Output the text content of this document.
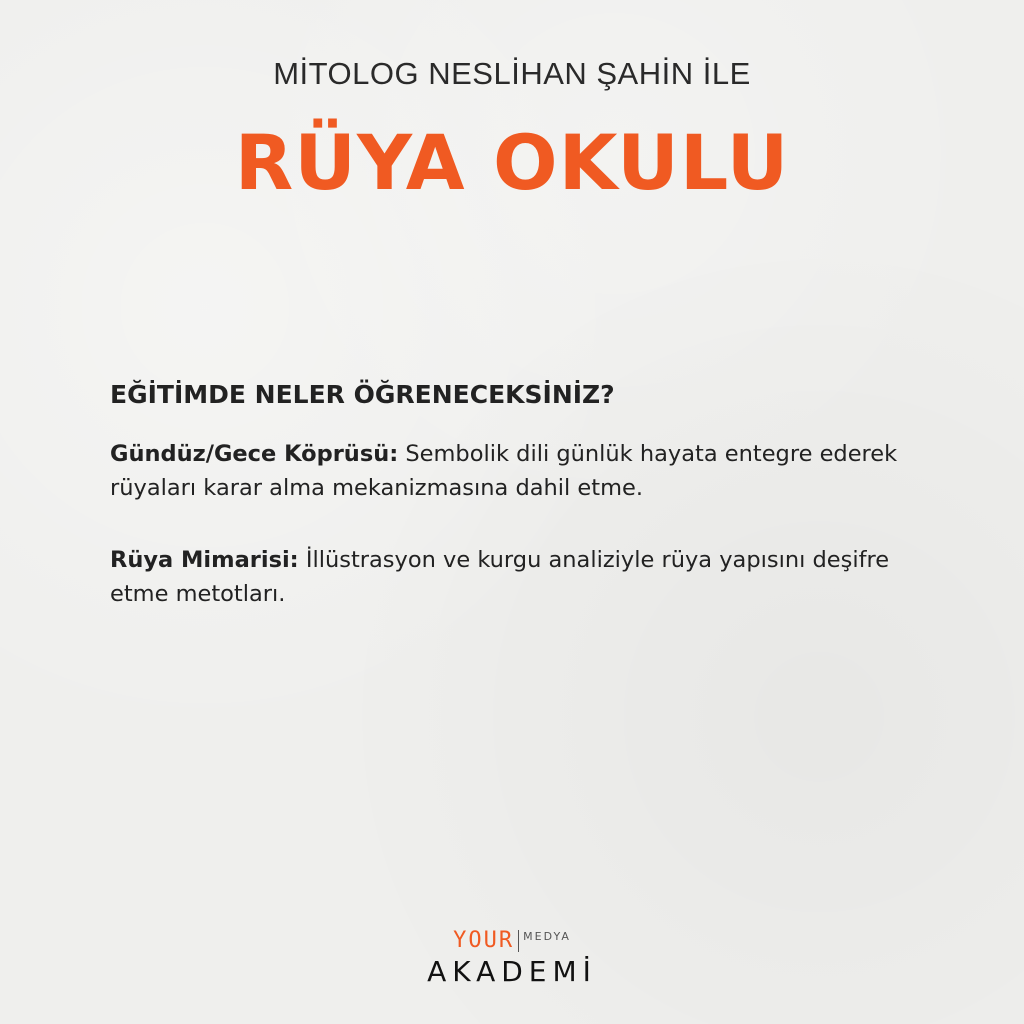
MİTOLOG NESLİHAN ŞAHİN İLE
RÜYA OKULU
EĞİTİMDE NELER ÖĞRENECEKSİNİZ?
Gündüz/Gece Köprüsü: Sembolik dili günlük hayata entegre ederek rüyaları karar alma mekanizmasına dahil etme.
Rüya Mimarisi: İllüstrasyon ve kurgu analiziyle rüya yapısını deşifre etme metotları.
YOUR MEDYA
AKADEMİ
